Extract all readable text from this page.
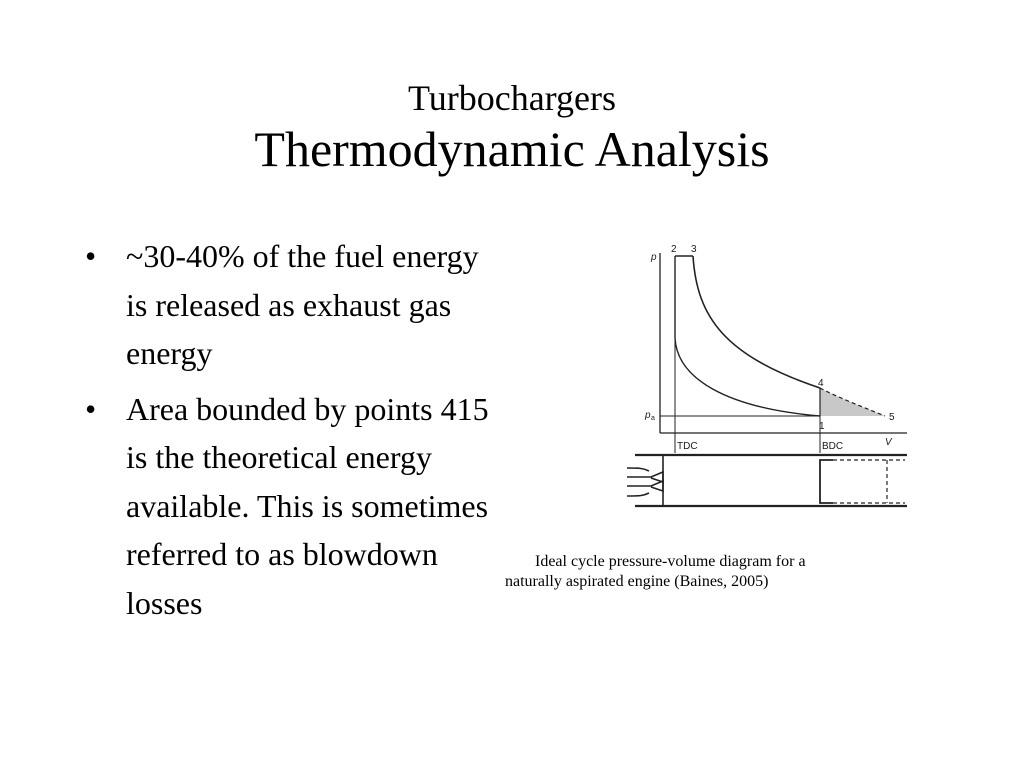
Turbochargers
Thermodynamic Analysis
• ~30-40% of the fuel energy is released as exhaust gas energy
• Area bounded by points 415 is the theoretical energy available. This is sometimes referred to as blowdown losses
p
V
2 3
4
5
1
p a
TDC	BDC
Ideal cycle pressure-volume diagram for a
naturally aspirated engine (Baines, 2005)
